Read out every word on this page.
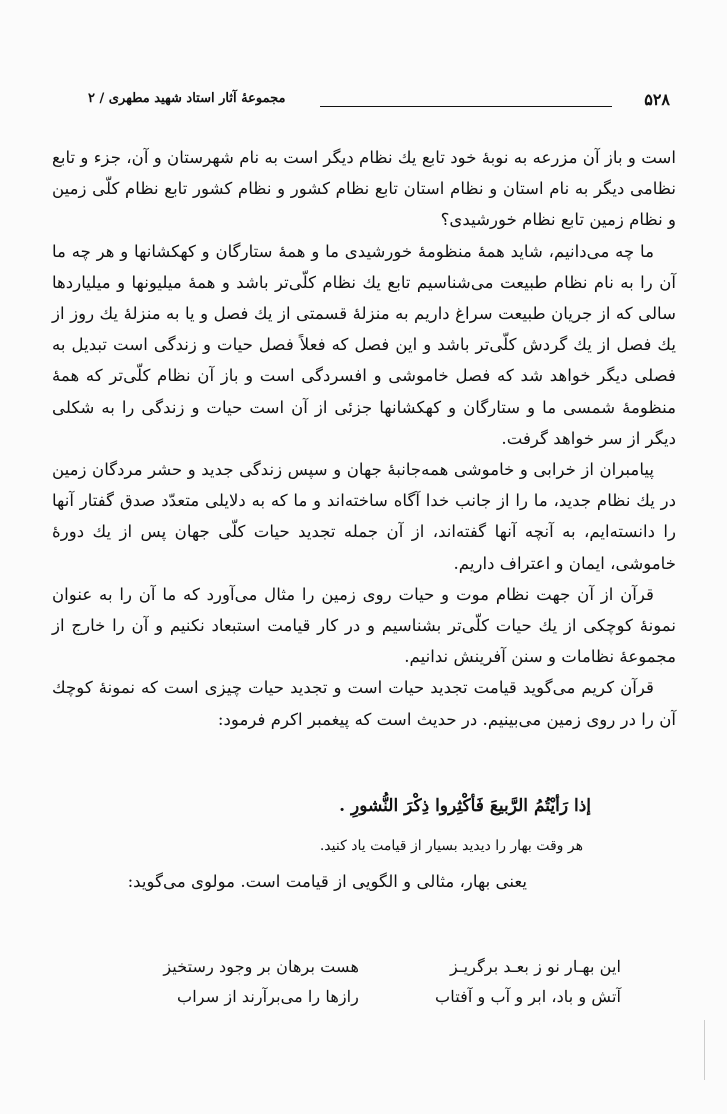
۵۲۸
مجموعهٔ آثار استاد شهید مطهری / ۲

است و باز آن مزرعه به نوبهٔ خود تابع یك نظام دیگر است به نام شهرستان و آن، جزء و تابع نظامی دیگر به نام استان و نظام استان تابع نظام كشور و نظام كشور تابع نظام كلّی زمین و نظام زمین تابع نظام خورشیدی؟

ما چه می‌دانیم، شاید همهٔ منظومهٔ خورشیدی ما و همهٔ ستارگان و كهكشانها و هر چه ما آن را به نام نظام طبیعت می‌شناسیم تابع یك نظام كلّی‌تر باشد و همهٔ میلیونها و میلیاردها سالی كه از جریان طبیعت سراغ داریم به منزلهٔ قسمتی از یك فصل و یا به منزلهٔ یك روز از یك فصل از یك گردش كلّی‌تر باشد و این فصل كه فعلاً فصل حیات و زندگی است تبدیل به فصلی دیگر خواهد شد كه فصل خاموشی و افسردگی است و باز آن نظام كلّی‌تر كه همهٔ منظومهٔ شمسی ما و ستارگان و كهكشانها جزئی از آن است حیات و زندگی را به شكلی دیگر از سر خواهد گرفت.

پیامبران از خرابی و خاموشی همه‌جانبهٔ جهان و سپس زندگی جدید و حشر مردگان زمین در یك نظام جدید، ما را از جانب خدا آگاه ساخته‌اند و ما كه به دلایلی متعدّد صدق گفتار آنها را دانسته‌ایم، به آنچه آنها گفته‌اند، از آن جمله تجدید حیات كلّی جهان پس از یك دورهٔ خاموشی، ایمان و اعتراف داریم.

قرآن از آن جهت نظام موت و حیات روی زمین را مثال می‌آورد كه ما آن را به عنوان نمونهٔ كوچكی از یك حیات كلّی‌تر بشناسیم و در كار قیامت استبعاد نكنیم و آن را خارج از مجموعهٔ نظامات و سنن آفرینش ندانیم.

قرآن كریم می‌گوید قیامت تجدید حیات است و تجدید حیات چیزی است كه نمونهٔ كوچك آن را در روی زمین می‌بینیم. در حدیث است كه پیغمبر اكرم فرمود:

إذا رَأیْتُمُ الرَّبیعَ فَأكْثِروا ذِكْرَ النُّشورِ .
هر وقت بهار را دیدید بسیار از قیامت یاد كنید.
یعنی بهار، مثالی و الگویی از قیامت است. مولوی می‌گوید:
این بهـار نو ز بعـد برگریـز
هست برهان بر وجود رستخیز
آتش و باد، ابر و آب و آفتاب
رازها را می‌برآرند از سراب
